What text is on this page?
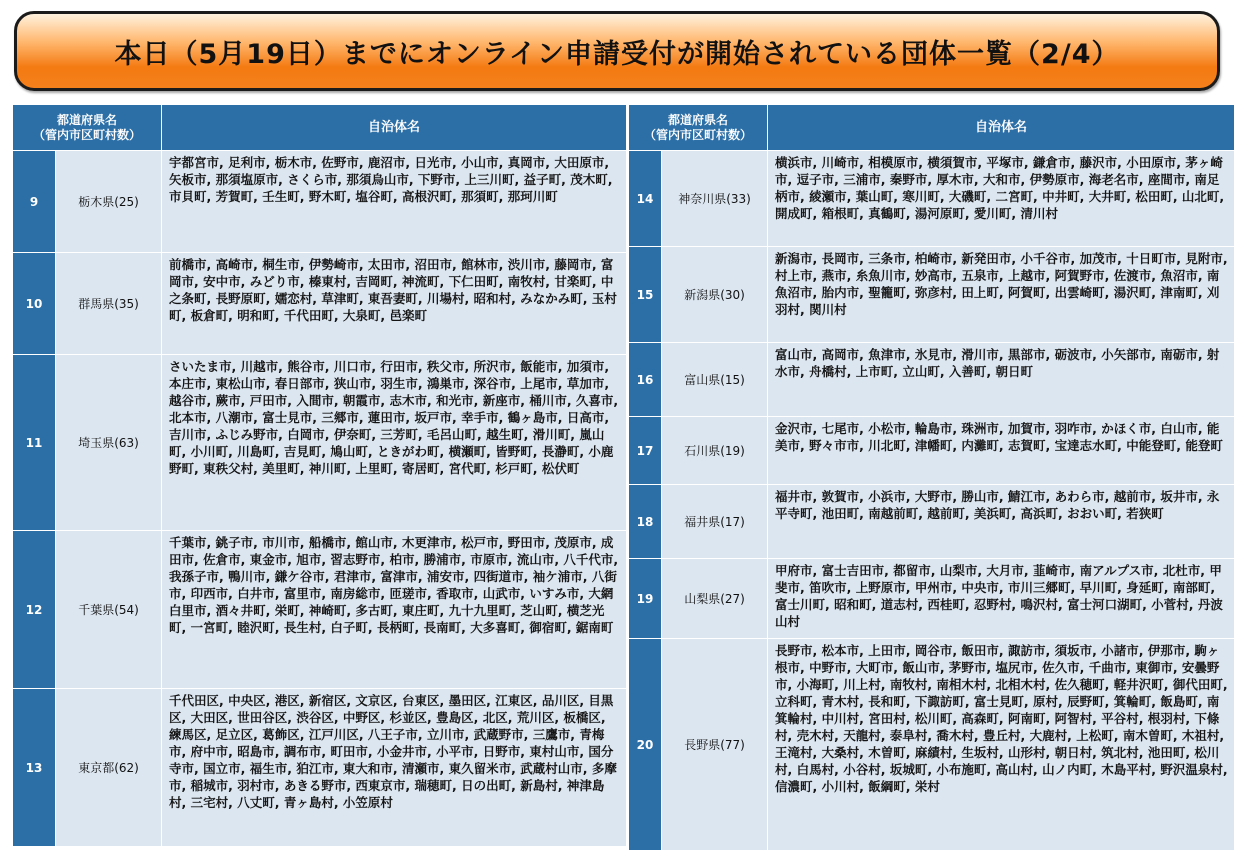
本日（5月19日）までにオンライン申請受付が開始されている団体一覧（2/4）
都道府県名
（管内市区町村数）		自治体名
9	栃木県(25)	宇都宮市, 足利市, 栃木市, 佐野市, 鹿沼市, 日光市, 小山市, 真岡市, 大田原市, 矢板市, 那須塩原市, さくら市, 那須烏山市, 下野市, 上三川町, 益子町, 茂木町, 市貝町, 芳賀町, 壬生町, 野木町, 塩谷町, 高根沢町, 那須町, 那珂川町
10	群馬県(35)	前橋市, 高崎市, 桐生市, 伊勢崎市, 太田市, 沼田市, 館林市, 渋川市, 藤岡市, 富岡市, 安中市, みどり市, 榛東村, 吉岡町, 神流町, 下仁田町, 南牧村, 甘楽町, 中之条町, 長野原町, 嬬恋村, 草津町, 東吾妻町, 川場村, 昭和村, みなかみ町, 玉村町, 板倉町, 明和町, 千代田町, 大泉町, 邑楽町
11	埼玉県(63)	さいたま市, 川越市, 熊谷市, 川口市, 行田市, 秩父市, 所沢市, 飯能市, 加須市, 本庄市, 東松山市, 春日部市, 狭山市, 羽生市, 鴻巣市, 深谷市, 上尾市, 草加市, 越谷市, 蕨市, 戸田市, 入間市, 朝霞市, 志木市, 和光市, 新座市, 桶川市, 久喜市, 北本市, 八潮市, 富士見市, 三郷市, 蓮田市, 坂戸市, 幸手市, 鶴ヶ島市, 日高市, 吉川市, ふじみ野市, 白岡市, 伊奈町, 三芳町, 毛呂山町, 越生町, 滑川町, 嵐山町, 小川町, 川島町, 吉見町, 鳩山町, ときがわ町, 横瀬町, 皆野町, 長瀞町, 小鹿野町, 東秩父村, 美里町, 神川町, 上里町, 寄居町, 宮代町, 杉戸町, 松伏町
12	千葉県(54)	千葉市, 銚子市, 市川市, 船橋市, 館山市, 木更津市, 松戸市, 野田市, 茂原市, 成田市, 佐倉市, 東金市, 旭市, 習志野市, 柏市, 勝浦市, 市原市, 流山市, 八千代市, 我孫子市, 鴨川市, 鎌ケ谷市, 君津市, 富津市, 浦安市, 四街道市, 袖ケ浦市, 八街市, 印西市, 白井市, 富里市, 南房総市, 匝瑳市, 香取市, 山武市, いすみ市, 大網白里市, 酒々井町, 栄町, 神崎町, 多古町, 東庄町, 九十九里町, 芝山町, 横芝光町, 一宮町, 睦沢町, 長生村, 白子町, 長柄町, 長南町, 大多喜町, 御宿町, 鋸南町
13	東京都(62)	千代田区, 中央区, 港区, 新宿区, 文京区, 台東区, 墨田区, 江東区, 品川区, 目黒区, 大田区, 世田谷区, 渋谷区, 中野区, 杉並区, 豊島区, 北区, 荒川区, 板橋区, 練馬区, 足立区, 葛飾区, 江戸川区, 八王子市, 立川市, 武蔵野市, 三鷹市, 青梅市, 府中市, 昭島市, 調布市, 町田市, 小金井市, 小平市, 日野市, 東村山市, 国分寺市, 国立市, 福生市, 狛江市, 東大和市, 清瀬市, 東久留米市, 武蔵村山市, 多摩市, 稲城市, 羽村市, あきる野市, 西東京市, 瑞穂町, 日の出町, 新島村, 神津島村, 三宅村, 八丈町, 青ヶ島村, 小笠原村
都道府県名
（管内市区町村数）		自治体名
14	神奈川県(33)	横浜市, 川崎市, 相模原市, 横須賀市, 平塚市, 鎌倉市, 藤沢市, 小田原市, 茅ヶ崎市, 逗子市, 三浦市, 秦野市, 厚木市, 大和市, 伊勢原市, 海老名市, 座間市, 南足柄市, 綾瀬市, 葉山町, 寒川町, 大磯町, 二宮町, 中井町, 大井町, 松田町, 山北町, 開成町, 箱根町, 真鶴町, 湯河原町, 愛川町, 清川村
15	新潟県(30)	新潟市, 長岡市, 三条市, 柏崎市, 新発田市, 小千谷市, 加茂市, 十日町市, 見附市, 村上市, 燕市, 糸魚川市, 妙高市, 五泉市, 上越市, 阿賀野市, 佐渡市, 魚沼市, 南魚沼市, 胎内市, 聖籠町, 弥彦村, 田上町, 阿賀町, 出雲崎町, 湯沢町, 津南町, 刈羽村, 関川村
16	富山県(15)	富山市, 高岡市, 魚津市, 氷見市, 滑川市, 黒部市, 砺波市, 小矢部市, 南砺市, 射水市, 舟橋村, 上市町, 立山町, 入善町, 朝日町
17	石川県(19)	金沢市, 七尾市, 小松市, 輪島市, 珠洲市, 加賀市, 羽咋市, かほく市, 白山市, 能美市, 野々市市, 川北町, 津幡町, 内灘町, 志賀町, 宝達志水町, 中能登町, 能登町
18	福井県(17)	福井市, 敦賀市, 小浜市, 大野市, 勝山市, 鯖江市, あわら市, 越前市, 坂井市, 永平寺町, 池田町, 南越前町, 越前町, 美浜町, 高浜町, おおい町, 若狭町
19	山梨県(27)	甲府市, 富士吉田市, 都留市, 山梨市, 大月市, 韮崎市, 南アルプス市, 北杜市, 甲斐市, 笛吹市, 上野原市, 甲州市, 中央市, 市川三郷町, 早川町, 身延町, 南部町, 富士川町, 昭和町, 道志村, 西桂町, 忍野村, 鳴沢村, 富士河口湖町, 小菅村, 丹波山村
20	長野県(77)	長野市, 松本市, 上田市, 岡谷市, 飯田市, 諏訪市, 須坂市, 小諸市, 伊那市, 駒ヶ根市, 中野市, 大町市, 飯山市, 茅野市, 塩尻市, 佐久市, 千曲市, 東御市, 安曇野市, 小海町, 川上村, 南牧村, 南相木村, 北相木村, 佐久穂町, 軽井沢町, 御代田町, 立科町, 青木村, 長和町, 下諏訪町, 富士見町, 原村, 辰野町, 箕輪町, 飯島町, 南箕輪村, 中川村, 宮田村, 松川町, 高森町, 阿南町, 阿智村, 平谷村, 根羽村, 下條村, 売木村, 天龍村, 泰阜村, 喬木村, 豊丘村, 大鹿村, 上松町, 南木曽町, 木祖村, 王滝村, 大桑村, 木曽町, 麻績村, 生坂村, 山形村, 朝日村, 筑北村, 池田町, 松川村, 白馬村, 小谷村, 坂城町, 小布施町, 高山村, 山ノ内町, 木島平村, 野沢温泉村, 信濃町, 小川村, 飯綱町, 栄村
